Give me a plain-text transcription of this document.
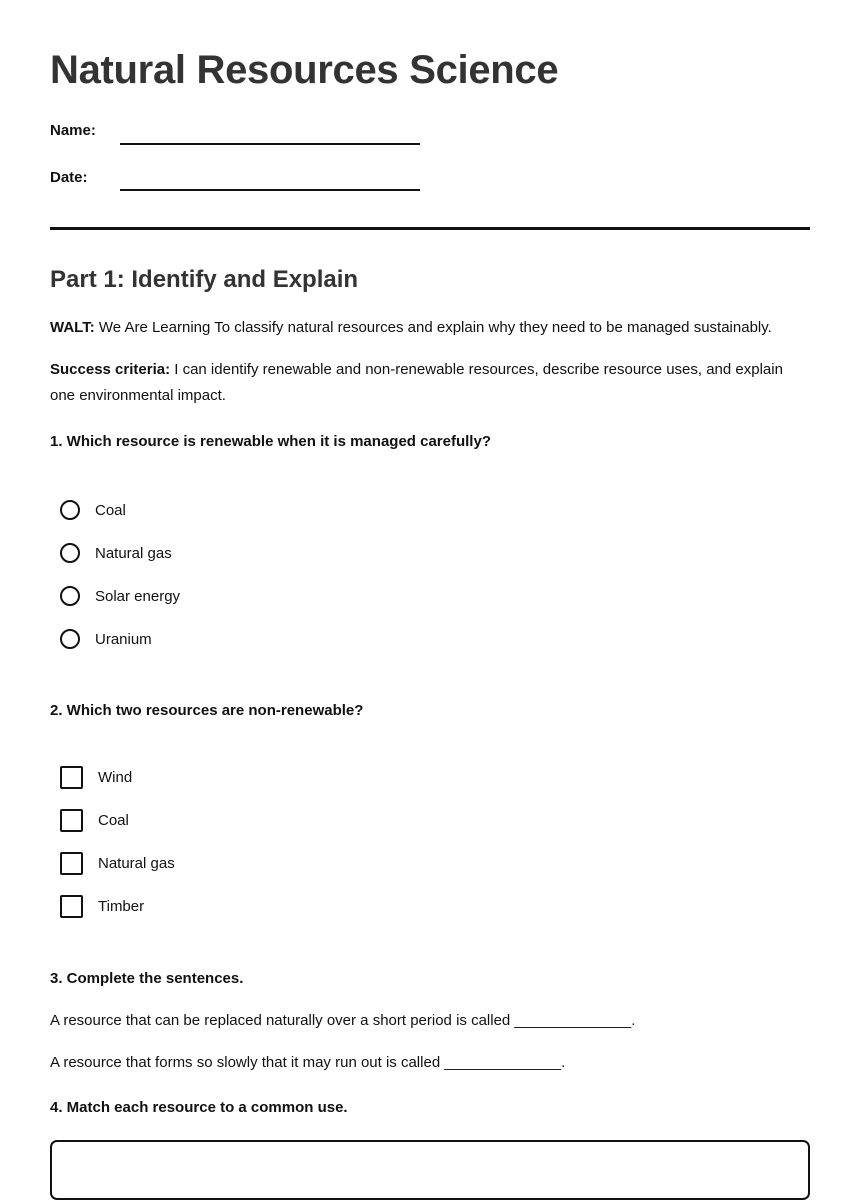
Natural Resources Science
Name:
Date:
Part 1: Identify and Explain
WALT: We Are Learning To classify natural resources and explain why they need to be managed sustainably.
Success criteria: I can identify renewable and non-renewable resources, describe resource uses, and explain one environmental impact.
1. Which resource is renewable when it is managed carefully?
Coal
Natural gas
Solar energy
Uranium
2. Which two resources are non-renewable?
Wind
Coal
Natural gas
Timber
3. Complete the sentences.
A resource that can be replaced naturally over a short period is called ______________.
A resource that forms so slowly that it may run out is called ______________.
4. Match each resource to a common use.
